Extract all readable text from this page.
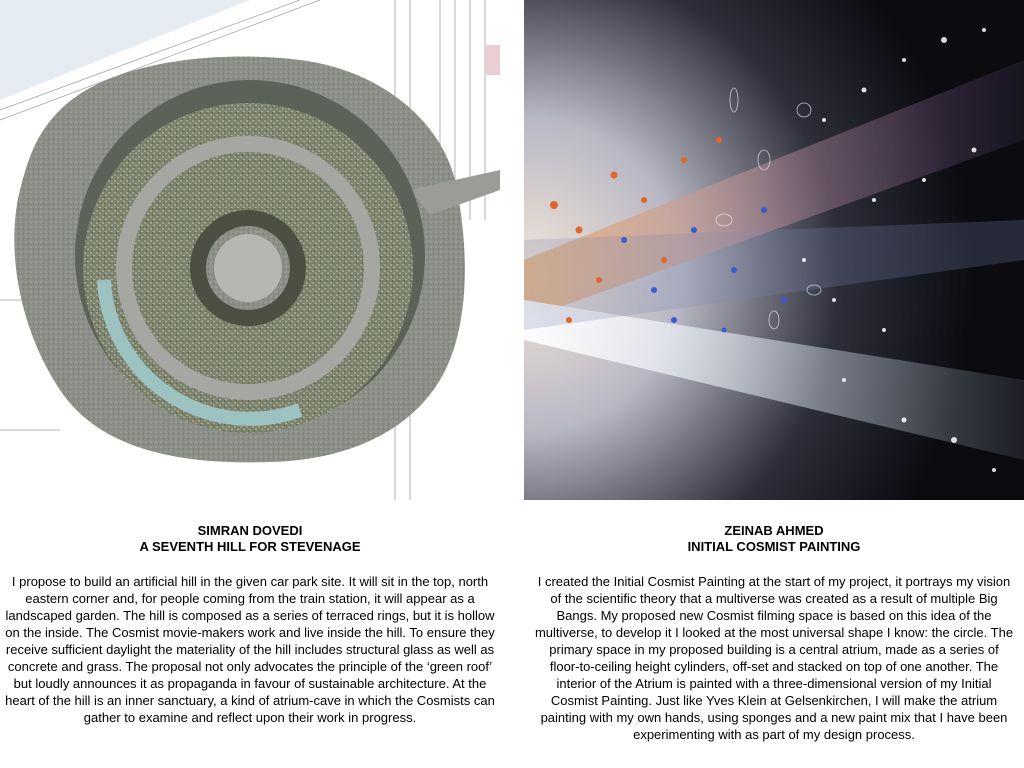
SIMRAN DOVEDI
A SEVENTH HILL FOR STEVENAGE
I propose to build an artificial hill in the given car park site. It will sit in the top, north eastern corner and, for people coming from the train station, it will appear as a landscaped garden. The hill is composed as a series of terraced rings, but it is hollow on the inside. The Cosmist movie-makers work and live inside the hill. To ensure they receive sufficient daylight the materiality of the hill includes structural glass as well as concrete and grass. The proposal not only advocates the principle of the ‘green roof’ but loudly announces it as propaganda in favour of sustainable architecture. At the heart of the hill is an inner sanctuary, a kind of atrium-cave in which the Cosmists can gather to examine and reflect upon their work in progress.
ZEINAB AHMED
INITIAL COSMIST PAINTING
I created the Initial Cosmist Painting at the start of my project, it portrays my vision of the scientific theory that a multiverse was created as a result of multiple Big Bangs. My proposed new Cosmist filming space is based on this idea of the multiverse, to develop it I looked at the most universal shape I know: the circle. The primary space in my proposed building is a central atrium, made as a series of floor-to-ceiling height cylinders, off-set and stacked on top of one another. The interior of the Atrium is painted with a three-dimensional version of my Initial Cosmist Painting. Just like Yves Klein at Gelsenkirchen, I will make the atrium painting with my own hands, using sponges and a new paint mix that I have been experimenting with as part of my design process.
